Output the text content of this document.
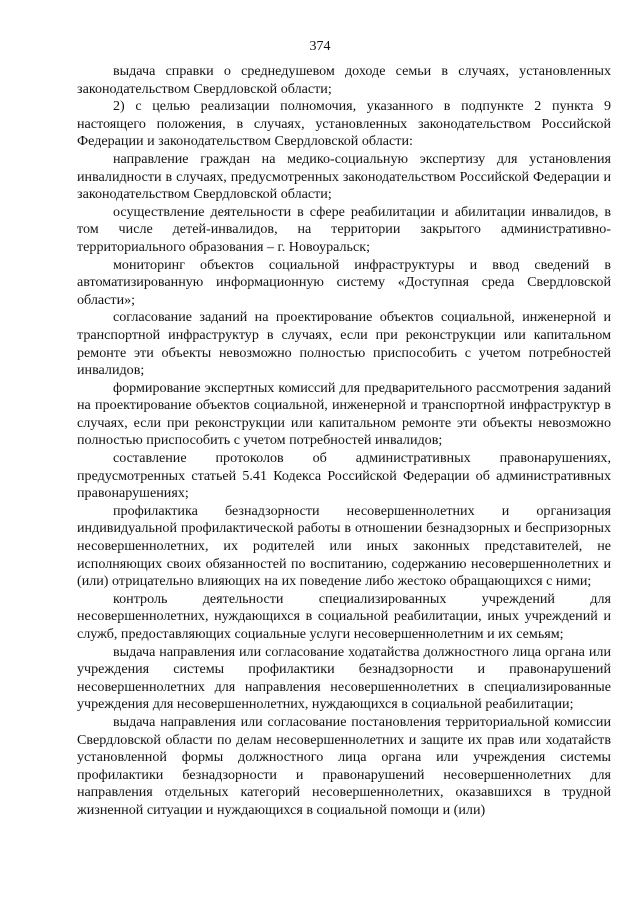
374

выдача справки о среднедушевом доходе семьи в случаях, установленных законодательством Свердловской области;

2) с целью реализации полномочия, указанного в подпункте 2 пункта 9 настоящего положения, в случаях, установленных законодательством Российской Федерации и законодательством Свердловской области:

направление граждан на медико-социальную экспертизу для установления инвалидности в случаях, предусмотренных законодательством Российской Федерации и законодательством Свердловской области;

осуществление деятельности в сфере реабилитации и абилитации инвалидов, в том числе детей-инвалидов, на территории закрытого административно-территориального образования – г. Новоуральск;

мониторинг объектов социальной инфраструктуры и ввод сведений в автоматизированную информационную систему «Доступная среда Свердловской области»;

согласование заданий на проектирование объектов социальной, инженерной и транспортной инфраструктур в случаях, если при реконструкции или капитальном ремонте эти объекты невозможно полностью приспособить с учетом потребностей инвалидов;

формирование экспертных комиссий для предварительного рассмотрения заданий на проектирование объектов социальной, инженерной и транспортной инфраструктур в случаях, если при реконструкции или капитальном ремонте эти объекты невозможно полностью приспособить с учетом потребностей инвалидов;

составление протоколов об административных правонарушениях, предусмотренных статьей 5.41 Кодекса Российской Федерации об административных правонарушениях;

профилактика безнадзорности несовершеннолетних и организация индивидуальной профилактической работы в отношении безнадзорных и беспризорных несовершеннолетних, их родителей или иных законных представителей, не исполняющих своих обязанностей по воспитанию, содержанию несовершеннолетних и (или) отрицательно влияющих на их поведение либо жестоко обращающихся с ними;

контроль деятельности специализированных учреждений для несовершеннолетних, нуждающихся в социальной реабилитации, иных учреждений и служб, предоставляющих социальные услуги несовершеннолетним и их семьям;

выдача направления или согласование ходатайства должностного лица органа или учреждения системы профилактики безнадзорности и правонарушений несовершеннолетних для направления несовершеннолетних в специализированные учреждения для несовершеннолетних, нуждающихся в социальной реабилитации;

выдача направления или согласование постановления территориальной комиссии Свердловской области по делам несовершеннолетних и защите их прав или ходатайств установленной формы должностного лица органа или учреждения системы профилактики безнадзорности и правонарушений несовершеннолетних для направления отдельных категорий несовершеннолетних, оказавшихся в трудной жизненной ситуации и нуждающихся в социальной помощи и (или)
